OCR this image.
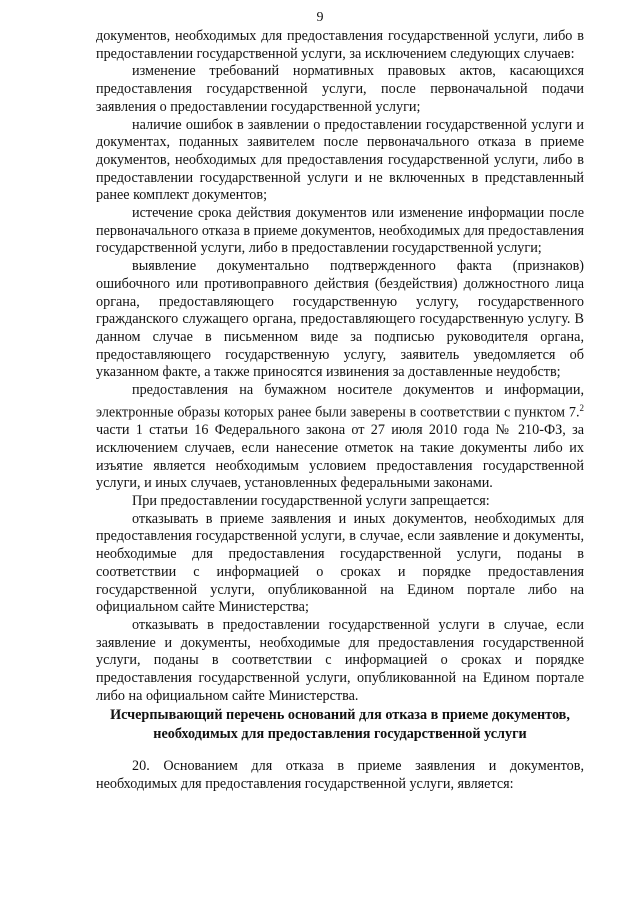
9

документов, необходимых для предоставления государственной услуги, либо в предоставлении государственной услуги, за исключением следующих случаев:

изменение требований нормативных правовых актов, касающихся предоставления государственной услуги, после первоначальной подачи заявления о предоставлении государственной услуги;

наличие ошибок в заявлении о предоставлении государственной услуги и документах, поданных заявителем после первоначального отказа в приеме документов, необходимых для предоставления государственной услуги, либо в предоставлении государственной услуги и не включенных в представленный ранее комплект документов;

истечение срока действия документов или изменение информации после первоначального отказа в приеме документов, необходимых для предоставления государственной услуги, либо в предоставлении государственной услуги;

выявление документально подтвержденного факта (признаков) ошибочного или противоправного действия (бездействия) должностного лица органа, предоставляющего государственную услугу, государственного гражданского служащего органа, предоставляющего государственную услугу. В данном случае в письменном виде за подписью руководителя органа, предоставляющего государственную услугу, заявитель уведомляется об указанном факте, а также приносятся извинения за доставленные неудобств;

предоставления на бумажном носителе документов и информации, электронные образы которых ранее были заверены в соответствии с пунктом 7.$^2$ части 1 статьи 16 Федерального закона от 27 июля 2010 года № 210-ФЗ, за исключением случаев, если нанесение отметок на такие документы либо их изъятие является необходимым условием предоставления государственной услуги, и иных случаев, установленных федеральными законами.

При предоставлении государственной услуги запрещается:

отказывать в приеме заявления и иных документов, необходимых для предоставления государственной услуги, в случае, если заявление и документы, необходимые для предоставления государственной услуги, поданы в соответствии с информацией о сроках и порядке предоставления государственной услуги, опубликованной на Едином портале либо на официальном сайте Министерства;

отказывать в предоставлении государственной услуги в случае, если заявление и документы, необходимые для предоставления государственной услуги, поданы в соответствии с информацией о сроках и порядке предоставления государственной услуги, опубликованной на Едином портале либо на официальном сайте Министерства.

Исчерпывающий перечень оснований для отказа в приеме документов,

необходимых для предоставления государственной услуги

20. Основанием для отказа в приеме заявления и документов, необходимых для предоставления государственной услуги, является:
